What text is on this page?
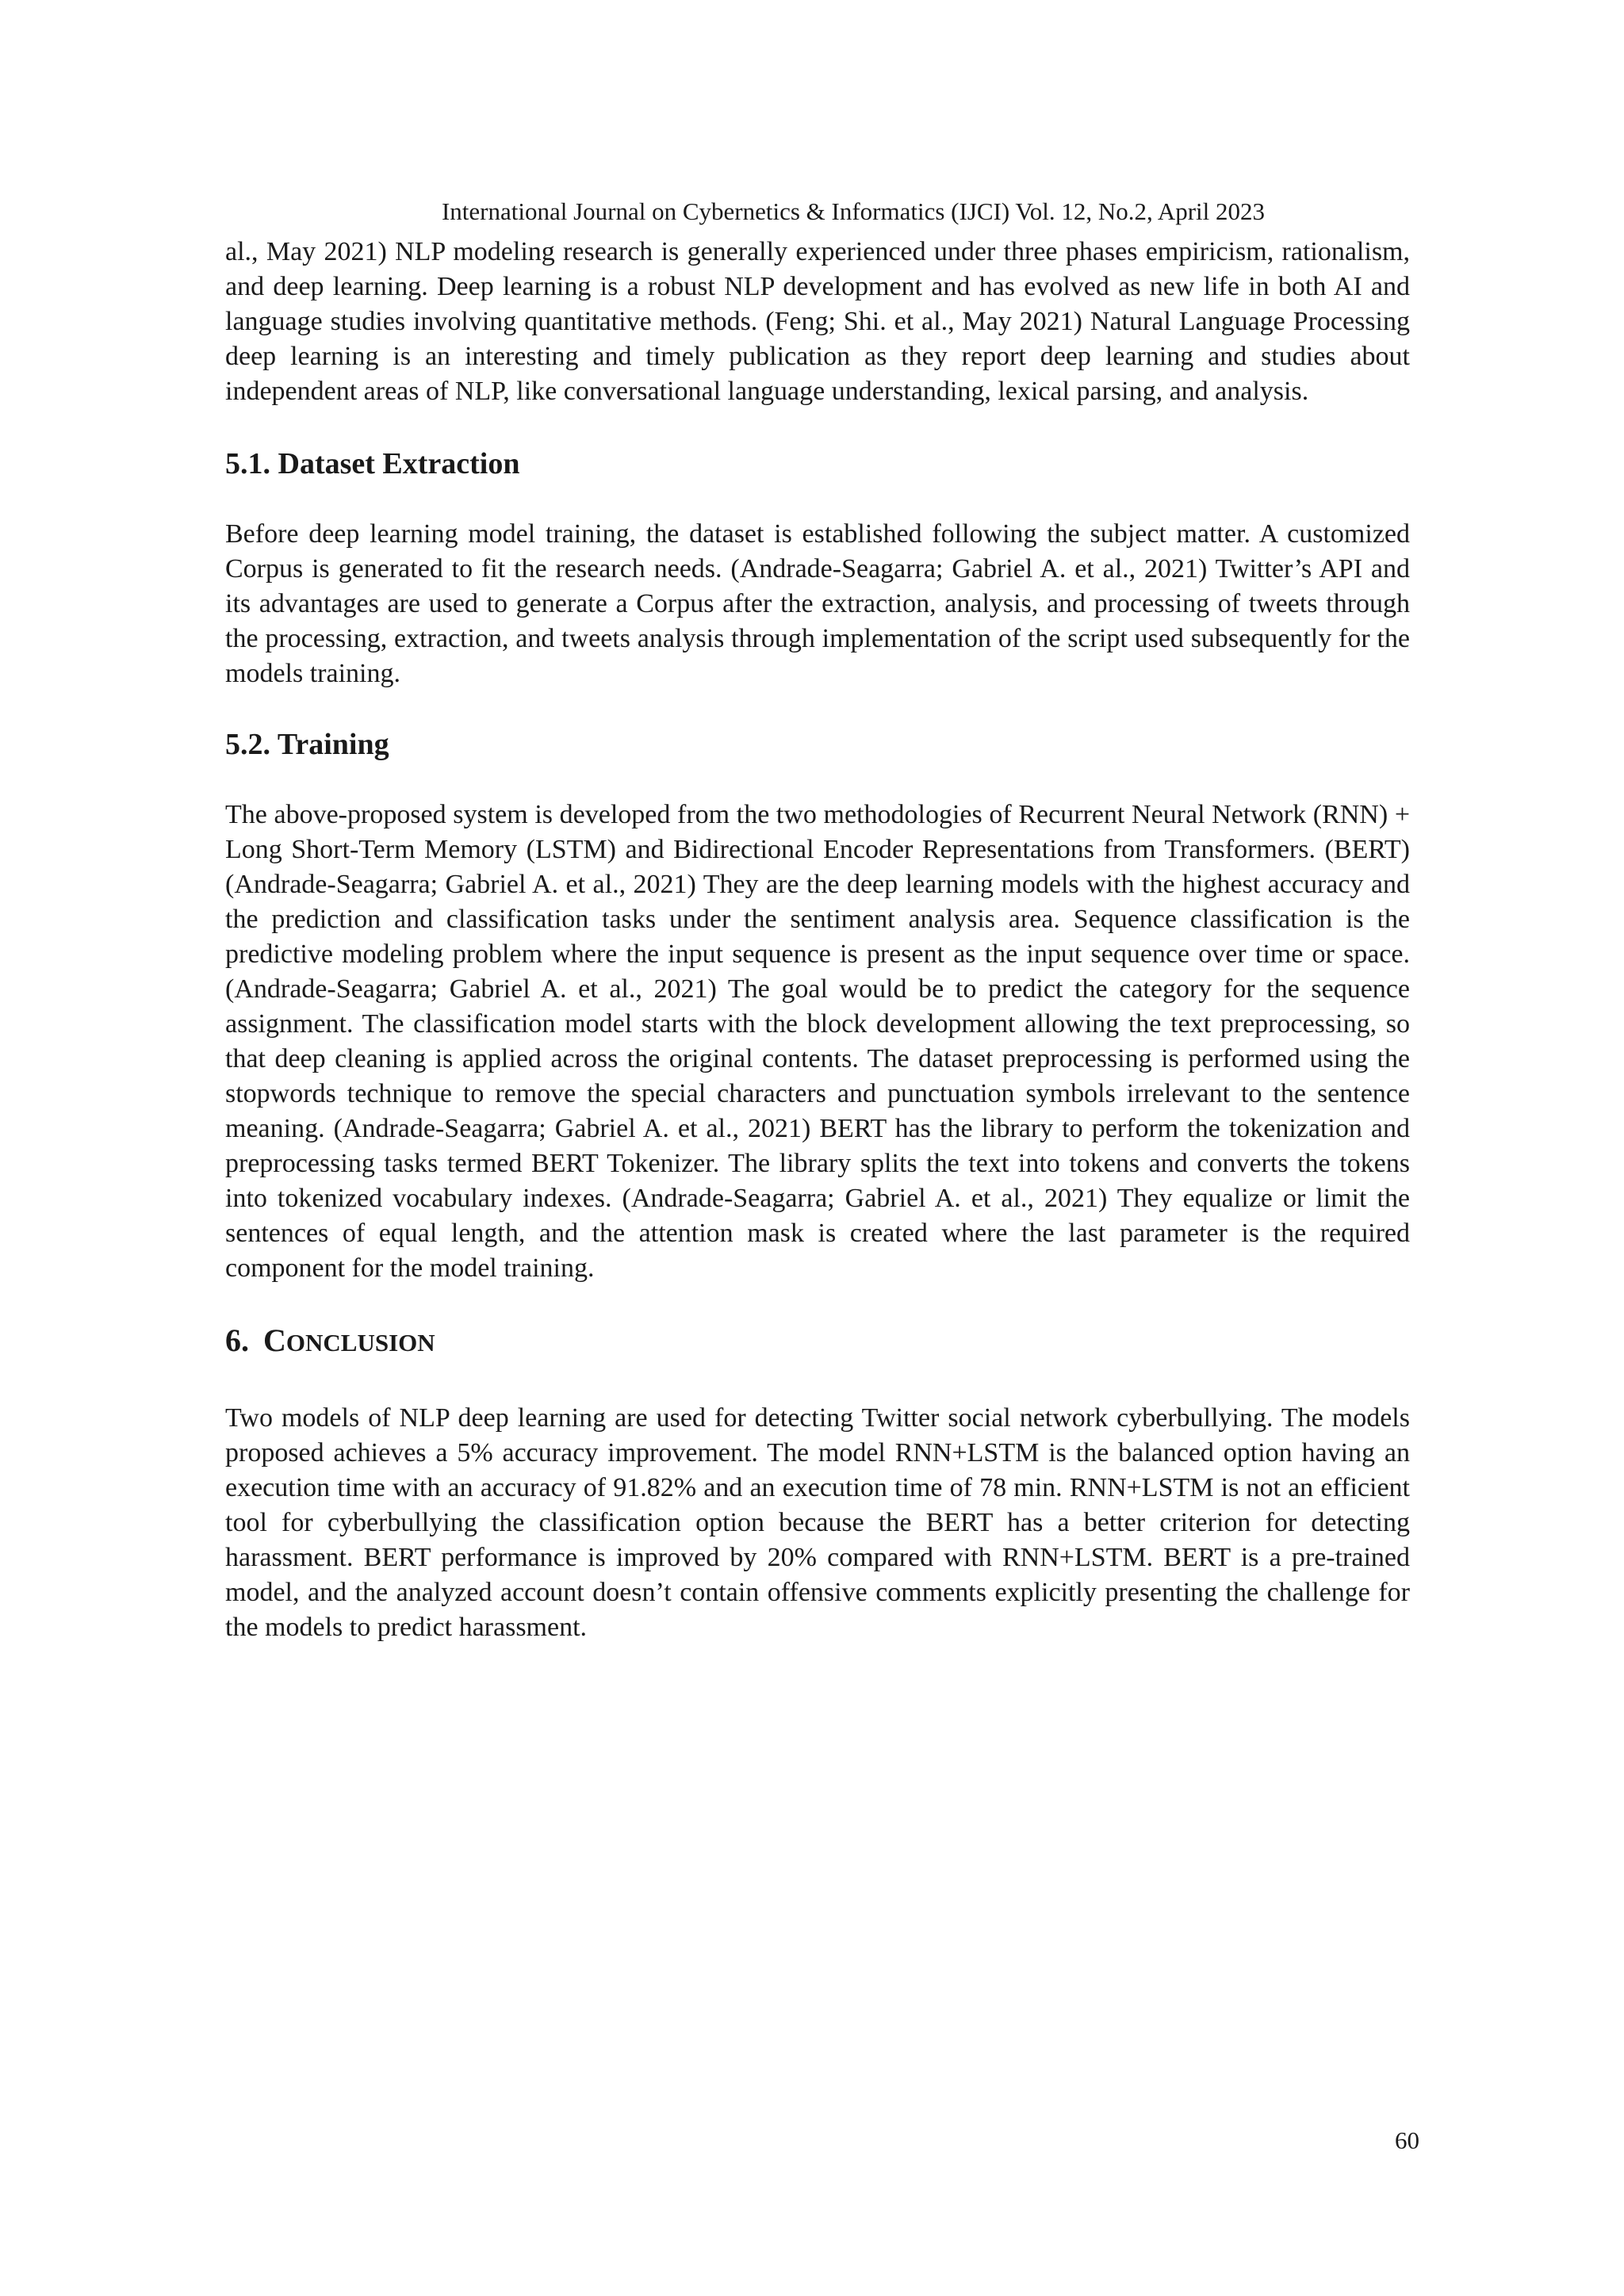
International Journal on Cybernetics & Informatics (IJCI) Vol. 12, No.2, April 2023

al., May 2021) NLP modeling research is generally experienced under three phases empiricism, rationalism, and deep learning. Deep learning is a robust NLP development and has evolved as new life in both AI and language studies involving quantitative methods. (Feng; Shi. et al., May 2021) Natural Language Processing deep learning is an interesting and timely publication as they report deep learning and studies about independent areas of NLP, like conversational language understanding, lexical parsing, and analysis.

5.1. Dataset Extraction

Before deep learning model training, the dataset is established following the subject matter. A customized Corpus is generated to fit the research needs. (Andrade-Seagarra; Gabriel A. et al., 2021) Twitter’s API and its advantages are used to generate a Corpus after the extraction, analysis, and processing of tweets through the processing, extraction, and tweets analysis through implementation of the script used subsequently for the models training.

5.2. Training

The above-proposed system is developed from the two methodologies of Recurrent Neural Network (RNN) + Long Short-Term Memory (LSTM) and Bidirectional Encoder Representations from Transformers. (BERT) (Andrade-Seagarra; Gabriel A. et al., 2021) They are the deep learning models with the highest accuracy and the prediction and classification tasks under the sentiment analysis area. Sequence classification is the predictive modeling problem where the input sequence is present as the input sequence over time or space. (Andrade-Seagarra; Gabriel A. et al., 2021) The goal would be to predict the category for the sequence assignment. The classification model starts with the block development allowing the text preprocessing, so that deep cleaning is applied across the original contents. The dataset preprocessing is performed using the stopwords technique to remove the special characters and punctuation symbols irrelevant to the sentence meaning. (Andrade-Seagarra; Gabriel A. et al., 2021) BERT has the library to perform the tokenization and preprocessing tasks termed BERT Tokenizer. The library splits the text into tokens and converts the tokens into tokenized vocabulary indexes. (Andrade-Seagarra; Gabriel A. et al., 2021) They equalize or limit the sentences of equal length, and the attention mask is created where the last parameter is the required component for the model training.

6. CONCLUSION

Two models of NLP deep learning are used for detecting Twitter social network cyberbullying. The models proposed achieves a 5% accuracy improvement. The model RNN+LSTM is the balanced option having an execution time with an accuracy of 91.82% and an execution time of 78 min. RNN+LSTM is not an efficient tool for cyberbullying the classification option because the BERT has a better criterion for detecting harassment. BERT performance is improved by 20% compared with RNN+LSTM. BERT is a pre-trained model, and the analyzed account doesn’t contain offensive comments explicitly presenting the challenge for the models to predict harassment.

60
